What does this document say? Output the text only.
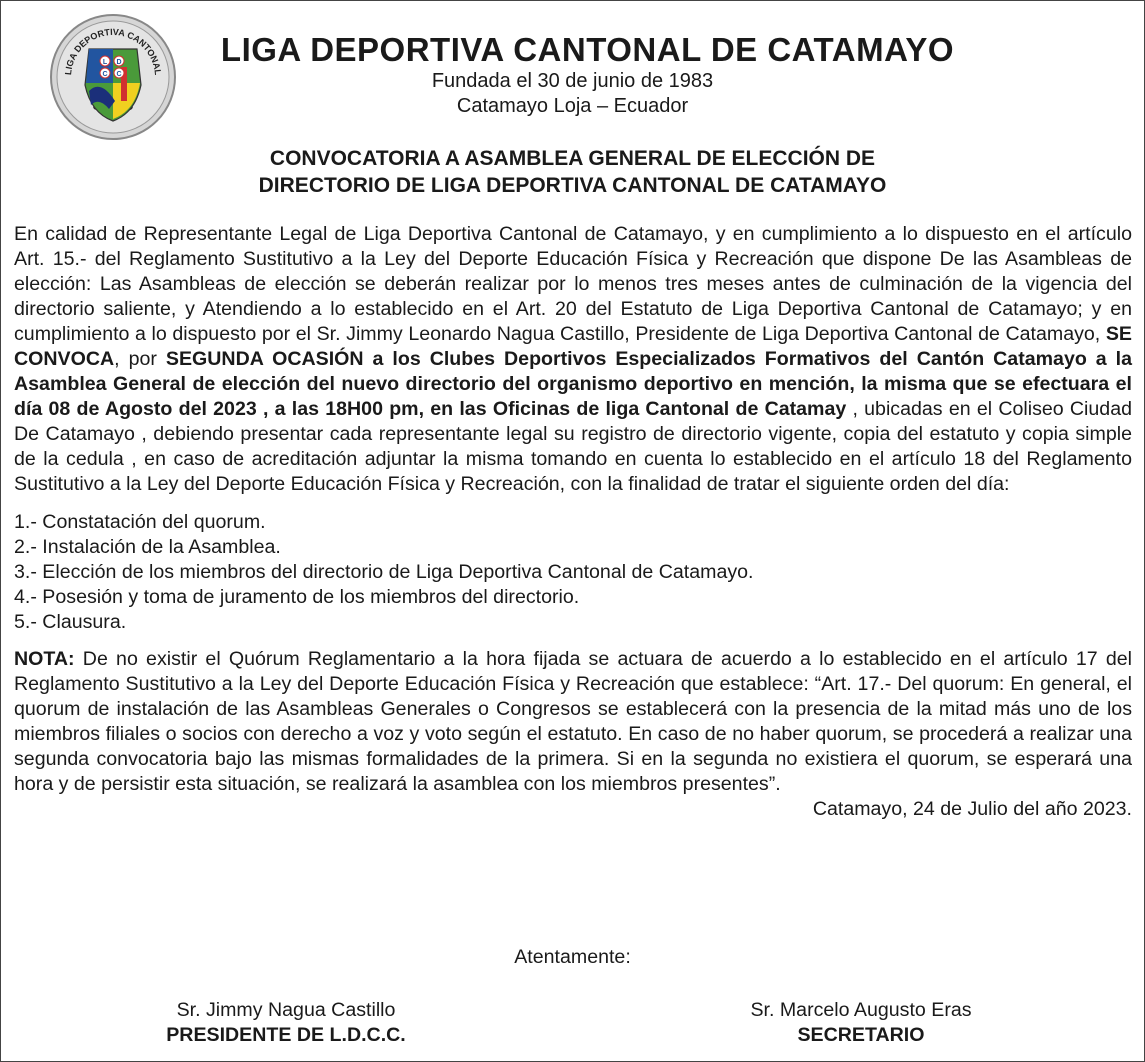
LIGA DEPORTIVA CANTONAL
L D
C C
LIGA DEPORTIVA CANTONAL DE CATAMAYO
Fundada el 30 de junio de 1983
Catamayo Loja – Ecuador
CONVOCATORIA A ASAMBLEA GENERAL DE ELECCIÓN DE
DIRECTORIO DE LIGA DEPORTIVA CANTONAL DE CATAMAYO

En calidad de Representante Legal de Liga Deportiva Cantonal de Catamayo, y en cumplimiento a lo dispuesto en el artículo Art. 15.- del Reglamento Sustitutivo a la Ley del Deporte Educación Física y Recreación que dispone De las Asambleas de elección: Las Asambleas de elección se deberán realizar por lo menos tres meses antes de culminación de la vigencia del directorio saliente, y Atendiendo a lo establecido en el Art. 20 del Estatuto de Liga Deportiva Cantonal de Catamayo; y en cumplimiento a lo dispuesto por el Sr. Jimmy Leonardo Nagua Castillo, Presidente de Liga Deportiva Cantonal de Catamayo, SE CONVOCA, por SEGUNDA OCASIÓN a los Clubes Deportivos Especializados Formativos del Cantón Catamayo a la Asamblea General de elección del nuevo directorio del organismo deportivo en mención, la misma que se efectuara el día 08 de Agosto del 2023 , a las 18H00 pm, en las Oficinas de liga Cantonal de Catamay , ubicadas en el Coliseo Ciudad De Catamayo , debiendo presentar cada representante legal su registro de directorio vigente, copia del estatuto y copia simple de la cedula , en caso de acreditación adjuntar la misma tomando en cuenta lo establecido en el artículo 18 del Reglamento Sustitutivo a la Ley del Deporte Educación Física y Recreación, con la finalidad de tratar el siguiente orden del día:

1.- Constatación del quorum.
2.- Instalación de la Asamblea.
3.- Elección de los miembros del directorio de Liga Deportiva Cantonal de Catamayo.
4.- Posesión y toma de juramento de los miembros del directorio.
5.- Clausura.

NOTA: De no existir el Quórum Reglamentario a la hora fijada se actuara de acuerdo a lo establecido en el artículo 17 del Reglamento Sustitutivo a la Ley del Deporte Educación Física y Recreación que establece: “Art. 17.- Del quorum: En general, el quorum de instalación de las Asambleas Generales o Congresos se establecerá con la presencia de la mitad más uno de los miembros filiales o socios con derecho a voz y voto según el estatuto. En caso de no haber quorum, se procederá a realizar una segunda convocatoria bajo las mismas formalidades de la primera. Si en la segunda no existiera el quorum, se esperará una hora y de persistir esta situación, se realizará la asamblea con los miembros presentes”.

Catamayo, 24 de Julio del año 2023.

Atentamente:
Sr. Jimmy Nagua Castillo
PRESIDENTE DE L.D.C.C.
Sr. Marcelo Augusto Eras
SECRETARIO
